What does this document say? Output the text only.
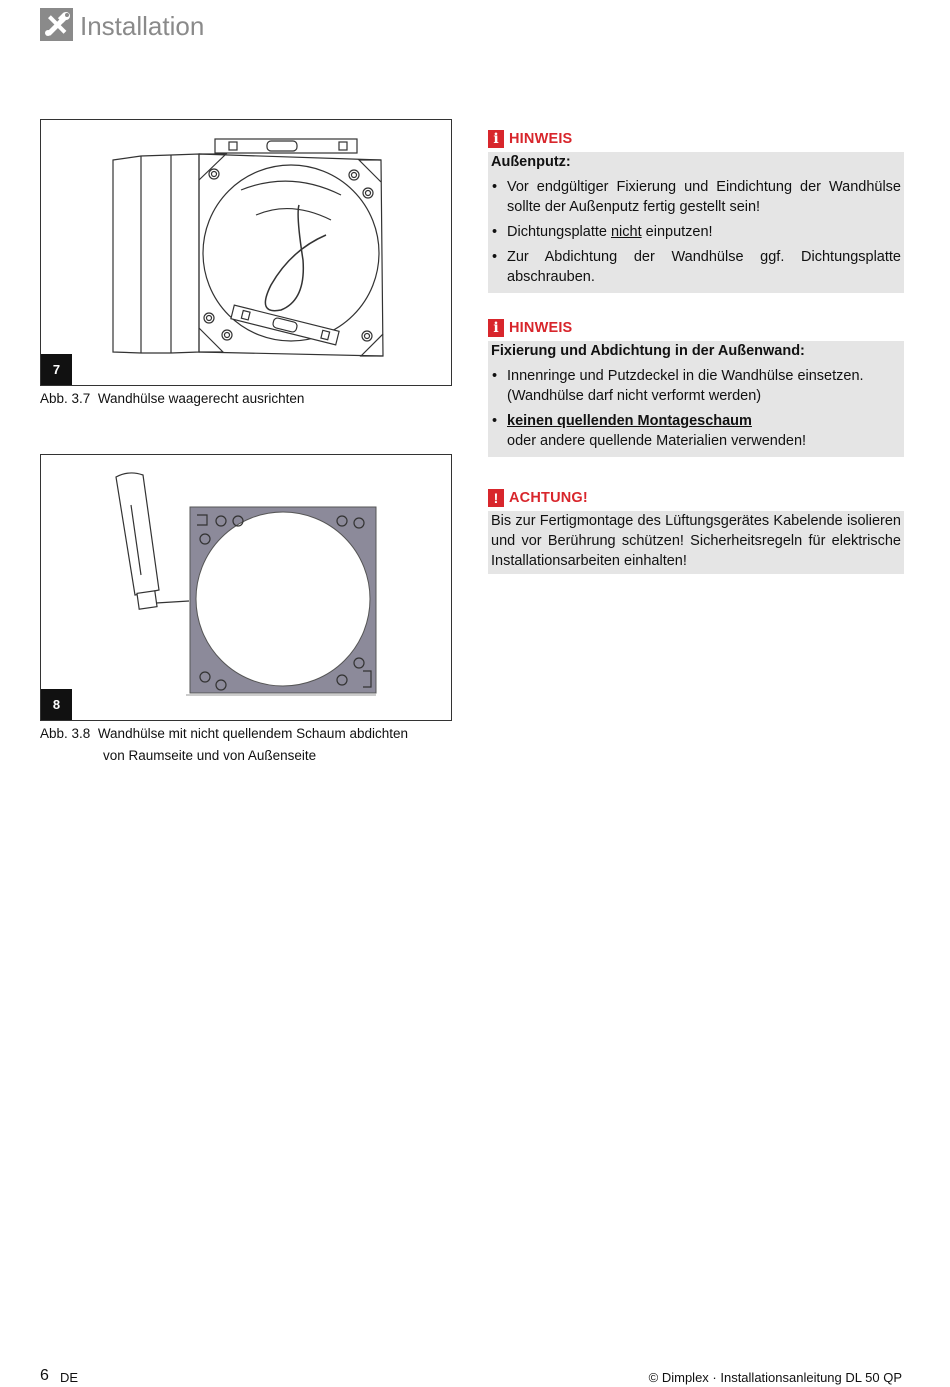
Installation
7
Abb. 3.7 Wandhülse waagerecht ausrichten
8
Abb. 3.8 Wandhülse mit nicht quellendem Schaum abdichten
von Raumseite und von Außenseite
i HINWEIS
Außenputz:
• Vor endgültiger Fixierung und Eindichtung der Wandhülse sollte der Außenputz fertig gestellt sein!
• Dichtungsplatte nicht einputzen!
• Zur Abdichtung der Wandhülse ggf. Dichtungsplatte abschrauben.
i HINWEIS
Fixierung und Abdichtung in der Außenwand:
• Innenringe und Putzdeckel in die Wandhülse einsetzen.
(Wandhülse darf nicht verformt werden)
• keinen quellenden Montageschaum
oder andere quellende Materialien verwenden!
! ACHTUNG!
Bis zur Fertigmontage des Lüftungsgerätes Kabelende isolieren und vor Berührung schützen! Sicherheitsregeln für elektrische Installationsarbeiten einhalten!
6 DE	© Dimplex · Installationsanleitung DL 50 QP
